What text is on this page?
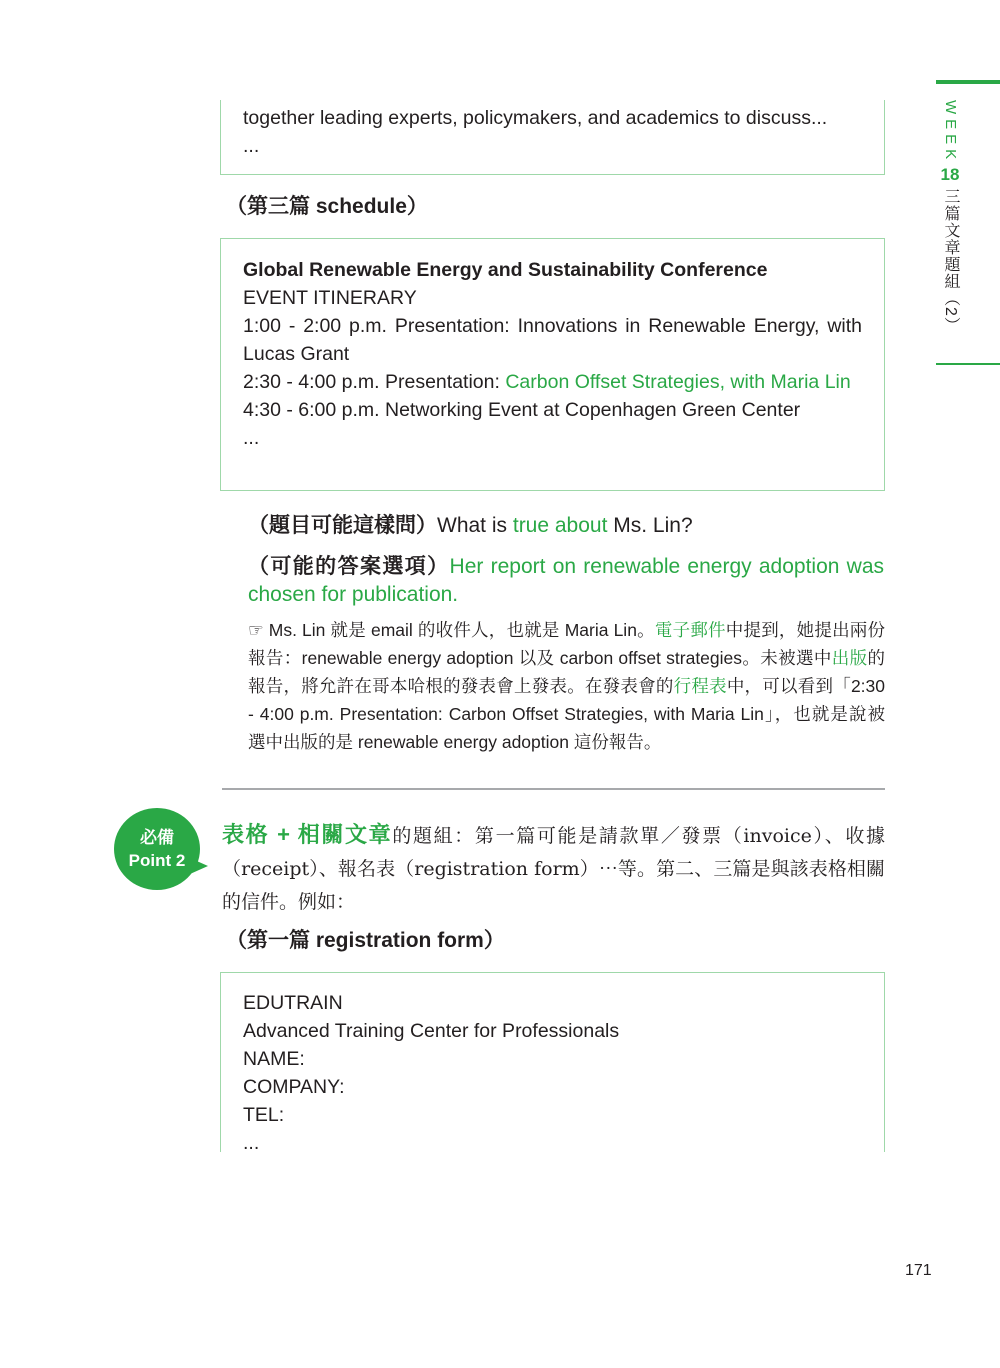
WEEK
18
三篇文章題組（2）
together leading experts, policymakers, and academics to discuss...
...
（第三篇 schedule）
Global Renewable Energy and Sustainability Conference
EVENT ITINERARY
1:00 - 2:00 p.m. Presentation: Innovations in Renewable Energy, with Lucas Grant
2:30 - 4:00 p.m. Presentation: Carbon Offset Strategies, with Maria Lin
4:30 - 6:00 p.m. Networking Event at Copenhagen Green Center
...
（題目可能這樣問）What is true about Ms. Lin?
（可能的答案選項）Her report on renewable energy adoption was chosen for publication.
☞ Ms. Lin 就是 email 的收件人，也就是 Maria Lin。電子郵件中提到，她提出兩份報告：renewable energy adoption 以及 carbon offset strategies。未被選中出版的報告，將允許在哥本哈根的發表會上發表。在發表會的行程表中，可以看到「2:30 - 4:00 p.m. Presentation: Carbon Offset Strategies, with Maria Lin」，也就是說被選中出版的是 renewable energy adoption 這份報告。
必備
Point 2
表格 + 相關文章的題組：第一篇可能是請款單／發票（invoice）、收據（receipt）、報名表（registration form）⋯等。第二、三篇是與該表格相關的信件。例如：
（第一篇 registration form）
EDUTRAIN
Advanced Training Center for Professionals
NAME:
COMPANY:
TEL:
...
171
